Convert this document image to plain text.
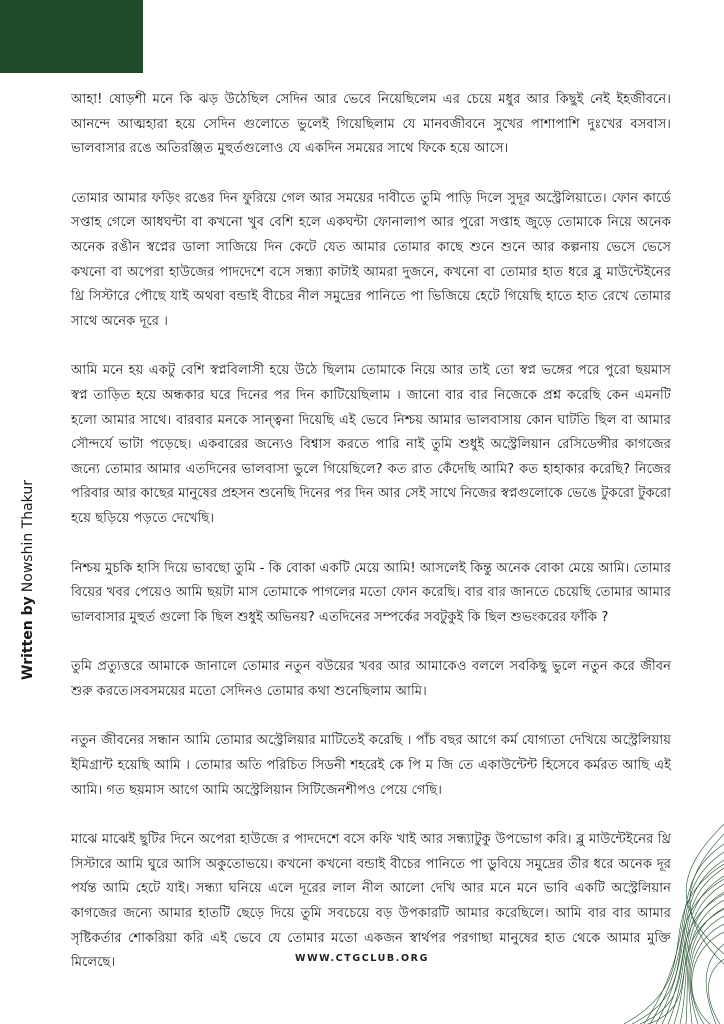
Written byNowshin Thakur

আহা! ষোড়শী মনে কি ঝড় উঠেছিল সেদিন আর ভেবে নিয়েছিলেম এর চেয়ে মধুর আর কিছুই নেই ইহজীবনে। আনন্দে আত্মহারা হয়ে সেদিন গুলোতে ভুলেই গিয়েছিলাম যে মানবজীবনে সুখের পাশাপাশি দুঃখের বসবাস। ভালবাসার রঙে অতিরঞ্জিত মুহুর্তগুলোও যে একদিন সময়ের সাথে ফিকে হয়ে আসে।

তোমার আমার ফড়িং রঙের দিন ফুরিয়ে গেল আর সময়ের দাবীতে তুমি পাড়ি দিলে সুদূর অস্ট্রেলিয়াতে। ফোন কার্ডে সপ্তাহ গেলে আধঘন্টা বা কখনো খুব বেশি হলে একঘন্টা ফোনালাপ আর পুরো সপ্তাহ জুড়ে তোমাকে নিয়ে অনেক অনেক রঙীন স্বপ্নের ডালা সাজিয়ে দিন কেটে যেত আমার তোমার কাছে শুনে শুনে আর কল্পনায় ভেসে ভেসে কখনো বা অপেরা হাউজের পাদদেশে বসে সন্ধ্যা কাটাই আমরা দুজনে, কখনো বা তোমার হাত ধরে ব্লু মাউন্টেইনের থ্রি সিস্টারে পৌছে যাই অথবা বন্ডাই বীচের নীল সমুদ্রের পানিতে পা ভিজিয়ে হেটে গিয়েছি হাতে হাত রেখে তোমার সাথে অনেক দূরে ।

আমি মনে হয় একটু বেশি স্বপ্নবিলাসী হয়ে উঠে ছিলাম তোমাকে নিয়ে আর তাই তো স্বপ্ন ভঙ্গের পরে পুরো ছয়মাস স্বপ্ন তাড়িত হয়ে অন্ধকার ঘরে দিনের পর দিন কাটিয়েছিলাম । জানো বার বার নিজেকে প্রশ্ন করেছি কেন এমনটি হলো আমার সাথে। বারবার মনকে সান্ত্বনা দিয়েছি এই ভেবে নিশ্চয় আমার ভালবাসায় কোন ঘাটতি ছিল বা আমার সৌন্দর্যে ভাটা পড়েছে। একবারের জন্যেও বিশ্বাস করতে পারি নাই তুমি শুধুই অস্ট্রেলিয়ান রেসিডেন্সীর কাগজের জন্যে তোমার আমার এতদিনের ভালবাসা ভুলে গিয়েছিলে? কত রাত কেঁদেছি আমি? কত হাহাকার করেছি? নিজের পরিবার আর কাছের মানুষের প্রহসন শুনেছি দিনের পর দিন আর সেই সাথে নিজের স্বপ্নগুলোকে ভেঙে টুকরো টুকরো হয়ে ছড়িয়ে পড়তে দেখেছি।

নিশ্চয় মুচকি হাসি দিয়ে ভাবছো তুমি - কি বোকা একটি মেয়ে আমি! আসলেই কিন্তু অনেক বোকা মেয়ে আমি। তোমার বিয়ের খবর পেয়েও আমি ছয়টা মাস তোমাকে পাগলের মতো ফোন করেছি। বার বার জানতে চেয়েছি তোমার আমার ভালবাসার মুহুর্ত গুলো কি ছিল শুধুই অভিনয়? এতদিনের সম্পর্কের সবটুকুই কি ছিল শুভংকরের ফাঁকি ?

তুমি প্রত্যুত্তরে আমাকে জানালে তোমার নতুন বউয়ের খবর আর আমাকেও বললে সবকিছু ভুলে নতুন করে জীবন শুরু করতে।সবসময়ের মতো সেদিনও তোমার কথা শুনেছিলাম আমি।

নতুন জীবনের সন্ধান আমি তোমার অস্ট্রেলিয়ার মাটিতেই করেছি । পাঁচ বছর আগে কর্ম যোগ্যতা দেখিয়ে অস্ট্রেলিয়ায় ইমিগ্রান্ট হয়েছি আমি । তোমার অতি পরিচিত সিডনী শহরেই কে পি ম জি তে একাউন্টেন্ট হিসেবে কর্মরত আছি এই আমি। গত ছয়মাস আগে আমি অস্ট্রেলিয়ান সিটিজেনশীপও পেয়ে গেছি।

মাঝে মাঝেই ছুটির দিনে অপেরা হাউজে র পাদদেশে বসে কফি খাই আর সন্ধ্যাটুকু উপভোগ করি। ব্লু মাউন্টেইনের থ্রি সিস্টারে আমি ঘুরে আসি অকুতোভয়ে। কখনো কখনো বন্ডাই বীচের পানিতে পা ডুবিয়ে সমুদ্রের তীর ধরে অনেক দূর পর্যন্ত আমি হেটে যাই। সন্ধ্যা ঘনিয়ে এলে দূরের লাল নীল আলো দেখি আর মনে মনে ভাবি একটি অস্ট্রেলিয়ান কাগজের জন্যে আমার হাতটি ছেড়ে দিয়ে তুমি সবচেয়ে বড় উপকারটি আমার করেছিলে। আমি বার বার আমার সৃষ্টিকর্তার শোকরিয়া করি এই ভেবে যে তোমার মতো একজন স্বার্থপর পরগাছা মানুষের হাত থেকে আমার মুক্তি মিলেছে।	WWW.CTGCLUB.ORG
